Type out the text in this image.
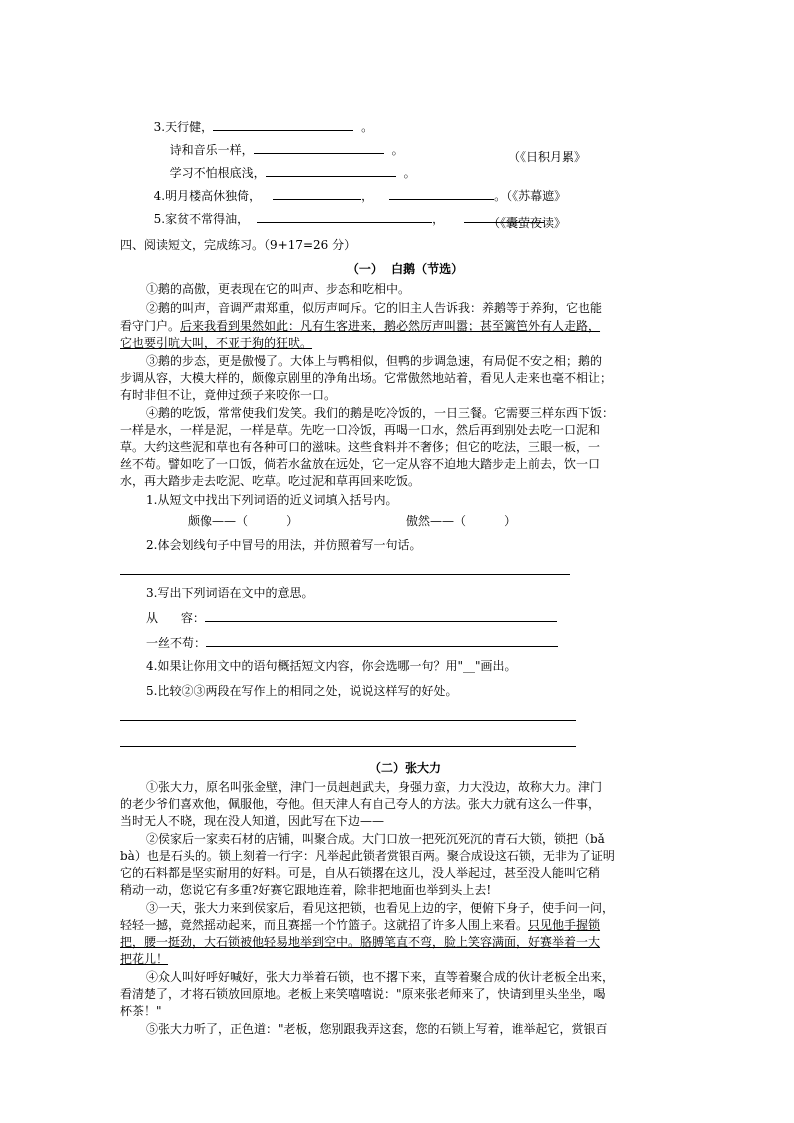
3.天行健，	。

诗和音乐一样，	。

学习不怕根底浅，	。

（《日积月累》

4.明月楼高休独倚，	，	。（《苏幕遮》

5.家贫不常得油，	，	（《囊萤夜读》
四、阅读短文，完成练习。（9+17=26 分）
（一）  白鹅（节选）
①鹅的高傲，更表现在它的叫声、步态和吃相中。
②鹅的叫声，音调严肃郑重，似厉声呵斥。它的旧主人告诉我：养鹅等于养狗，它也能
看守门户。后来我看到果然如此：凡有生客进来，鹅必然厉声叫嚣；甚至篱笆外有人走路，
它也要引吭大叫，不亚于狗的狂吠。
③鹅的步态，更是傲慢了。大体上与鸭相似，但鸭的步调急速，有局促不安之相；鹅的
步调从容，大模大样的，颇像京剧里的净角出场。它常傲然地站着，看见人走来也毫不相让；
有时非但不让，竟伸过颈子来咬你一口。
④鹅的吃饭，常常使我们发笑。我们的鹅是吃冷饭的，一日三餐。它需要三样东西下饭：
一样是水，一样是泥，一样是草。先吃一口冷饭，再喝一口水，然后再到别处去吃一口泥和
草。大约这些泥和草也有各种可口的滋味。这些食料并不奢侈；但它的吃法，三眼一板，一
丝不苟。譬如吃了一口饭，倘若水盆放在远处，它一定从容不迫地大踏步走上前去，饮一口
水，再大踏步走去吃泥、吃草。吃过泥和草再回来吃饭。
1.从短文中找出下列词语的近义词填入括号内。
颇像——（          ）	傲然——（          ）
2.体会划线句子中冒号的用法，并仿照着写一句话。
3.写出下列词语在文中的意思。
从      容：
一丝不苟：
4.如果让你用文中的语句概括短文内容，你会选哪一句？用"__"画出。
5.比较②③两段在写作上的相同之处，说说这样写的好处。
（二）张大力
①张大力，原名叫张金壁，津门一员赳赳武夫，身强力蛮，力大没边，故称大力。津门
的老少爷们喜欢他，佩服他，夸他。但天津人有自己夸人的方法。张大力就有这么一件事，
当时无人不晓，现在没人知道，因此写在下边——
②侯家后一家卖石材的店铺，叫聚合成。大门口放一把死沉死沉的青石大锁，锁把（bǎ
bà）也是石头的。锁上刻着一行字：凡举起此锁者赏银百两。聚合成设这石锁，无非为了证明
它的石料都是坚实耐用的好料。可是，自从石锁撂在这儿，没人举起过，甚至没人能叫它稍
稍动一动，您说它有多重?好赛它跟地连着，除非把地面也举到头上去!
③一天，张大力来到侯家后，看见这把锁，也看见上边的字，便俯下身子，使手问一问，
轻轻一撼，竟然摇动起来，而且赛摇一个竹篮子。这就招了许多人围上来看。只见他手握锁
把，腰一挺劲，大石锁被他轻易地举到空中。胳膊笔直不弯，脸上笑容满面，好赛举着一大
把花儿！
④众人叫好呼好喊好，张大力举着石锁，也不撂下来，直等着聚合成的伙计老板全出来，
看清楚了，才将石锁放回原地。老板上来笑嘻嘻说："原来张老师来了，快请到里头坐坐，喝
杯茶！"
⑤张大力听了，正色道："老板，您别跟我弄这套，您的石锁上写着，谁举起它，赏银百
